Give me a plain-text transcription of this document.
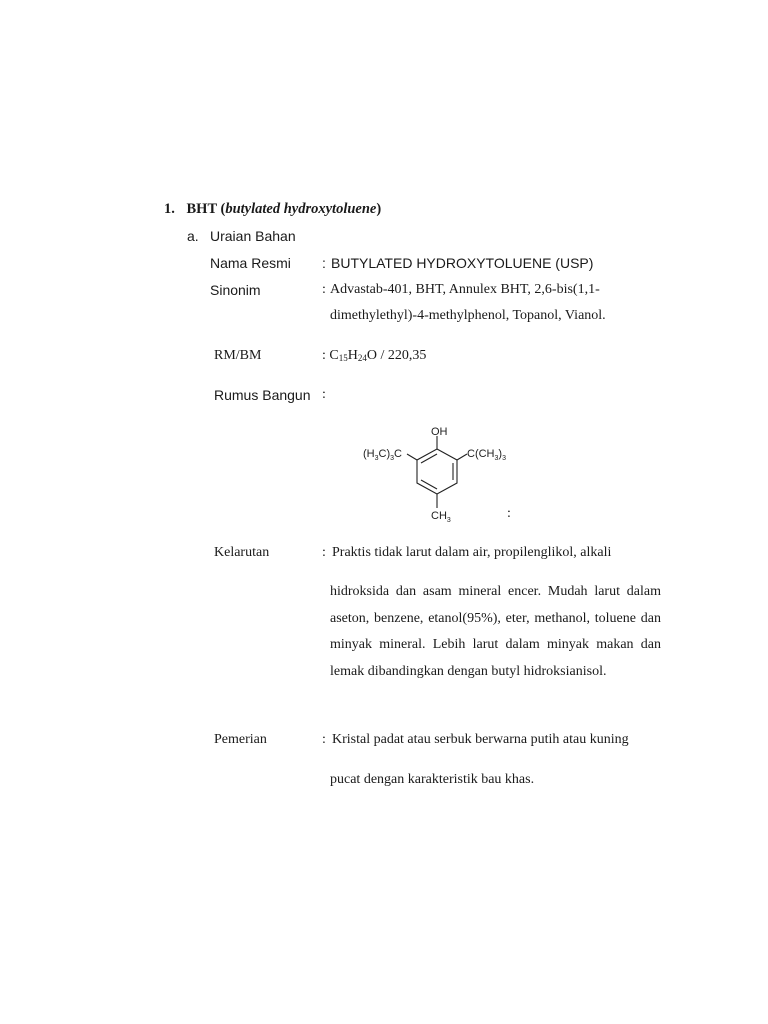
1. BHT (butylated hydroxytoluene)
a. Uraian Bahan
Nama Resmi : BUTYLATED HYDROXYTOLUENE (USP)
Sinonim	: Advastab-401, BHT, Annulex BHT, 2,6-bis(1,1-
dimethylethyl)-4-methylphenol, Topanol, Vianol.
RM/BM	: $C_{15}H_{24}O / 220,35$
Rumus Bangun :
OH
$(H_3C)_3C$	$C(CH_3)_3$
$CH_3$	:
Kelarutan	: Praktis tidak larut dalam air, propilenglikol, alkali
hidroksida dan asam mineral encer. Mudah larut dalam aseton, benzene, etanol(95%), eter, methanol, toluene dan minyak mineral. Lebih larut dalam minyak makan dan lemak dibandingkan dengan butyl hidroksianisol.
Pemerian	: Kristal padat atau serbuk berwarna putih atau kuning
pucat dengan karakteristik bau khas.
